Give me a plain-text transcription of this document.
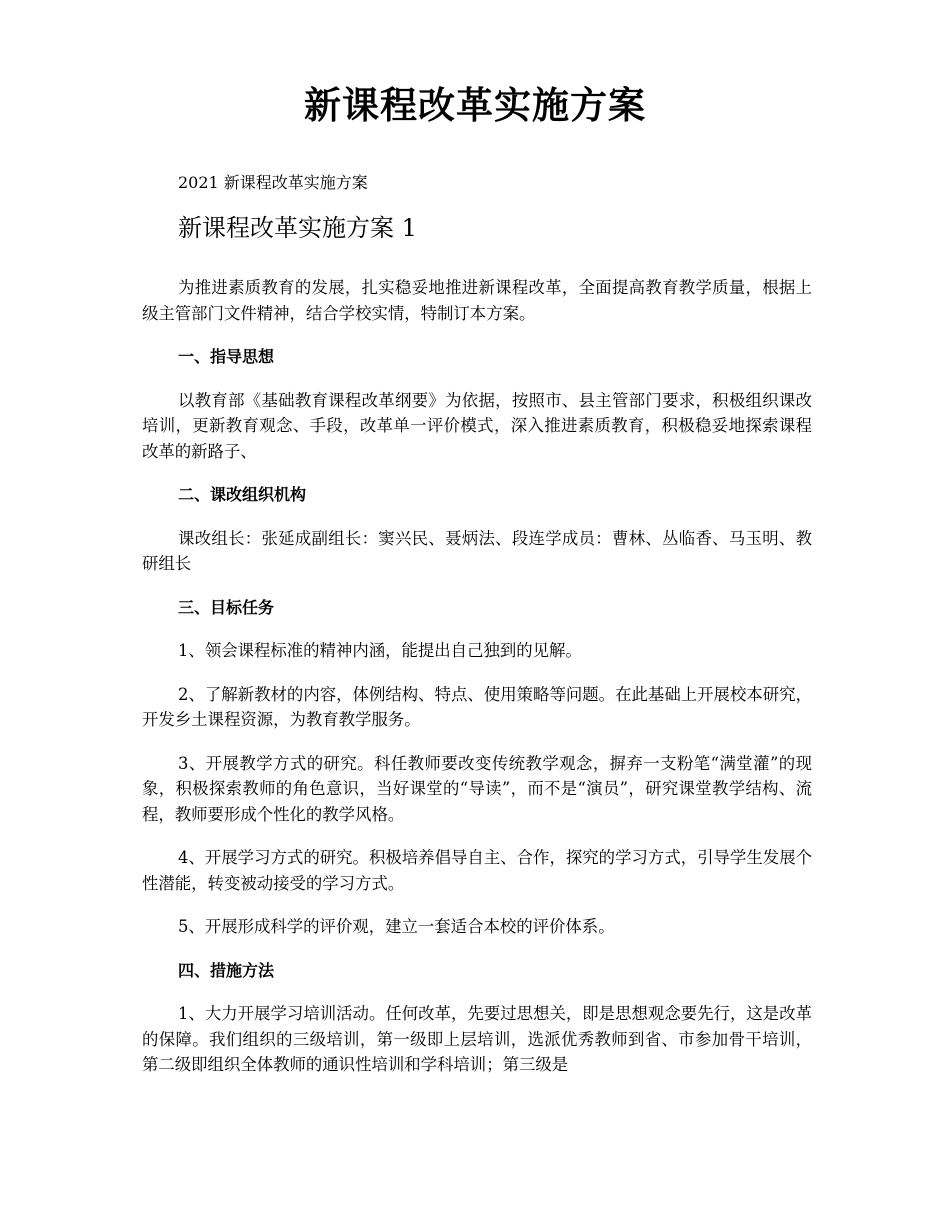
新课程改革实施方案

2021 新课程改革实施方案

新课程改革实施方案 1

为推进素质教育的发展，扎实稳妥地推进新课程改革，全面提高教育教学质量，根据上级主管部门文件精神，结合学校实情，特制订本方案。

一、指导思想

以教育部《基础教育课程改革纲要》为依据，按照市、县主管部门要求，积极组织课改培训，更新教育观念、手段，改革单一评价模式，深入推进素质教育，积极稳妥地探索课程改革的新路子、

二、课改组织机构

课改组长：张延成副组长：窦兴民、聂炳法、段连学成员：曹林、丛临香、马玉明、教研组长

三、目标任务

1、领会课程标准的精神内涵，能提出自己独到的见解。

2、了解新教材的内容，体例结构、特点、使用策略等问题。在此基础上开展校本研究，开发乡土课程资源，为教育教学服务。

3、开展教学方式的研究。科任教师要改变传统教学观念，摒弃一支粉笔“满堂灌”的现象，积极探索教师的角色意识，当好课堂的“导读”，而不是“演员”，研究课堂教学结构、流程，教师要形成个性化的教学风格。

4、开展学习方式的研究。积极培养倡导自主、合作，探究的学习方式，引导学生发展个性潜能，转变被动接受的学习方式。

5、开展形成科学的评价观，建立一套适合本校的评价体系。

四、措施方法

1、大力开展学习培训活动。任何改革，先要过思想关，即是思想观念要先行，这是改革的保障。我们组织的三级培训，第一级即上层培训，选派优秀教师到省、市参加骨干培训，第二级即组织全体教师的通识性培训和学科培训；第三级是
